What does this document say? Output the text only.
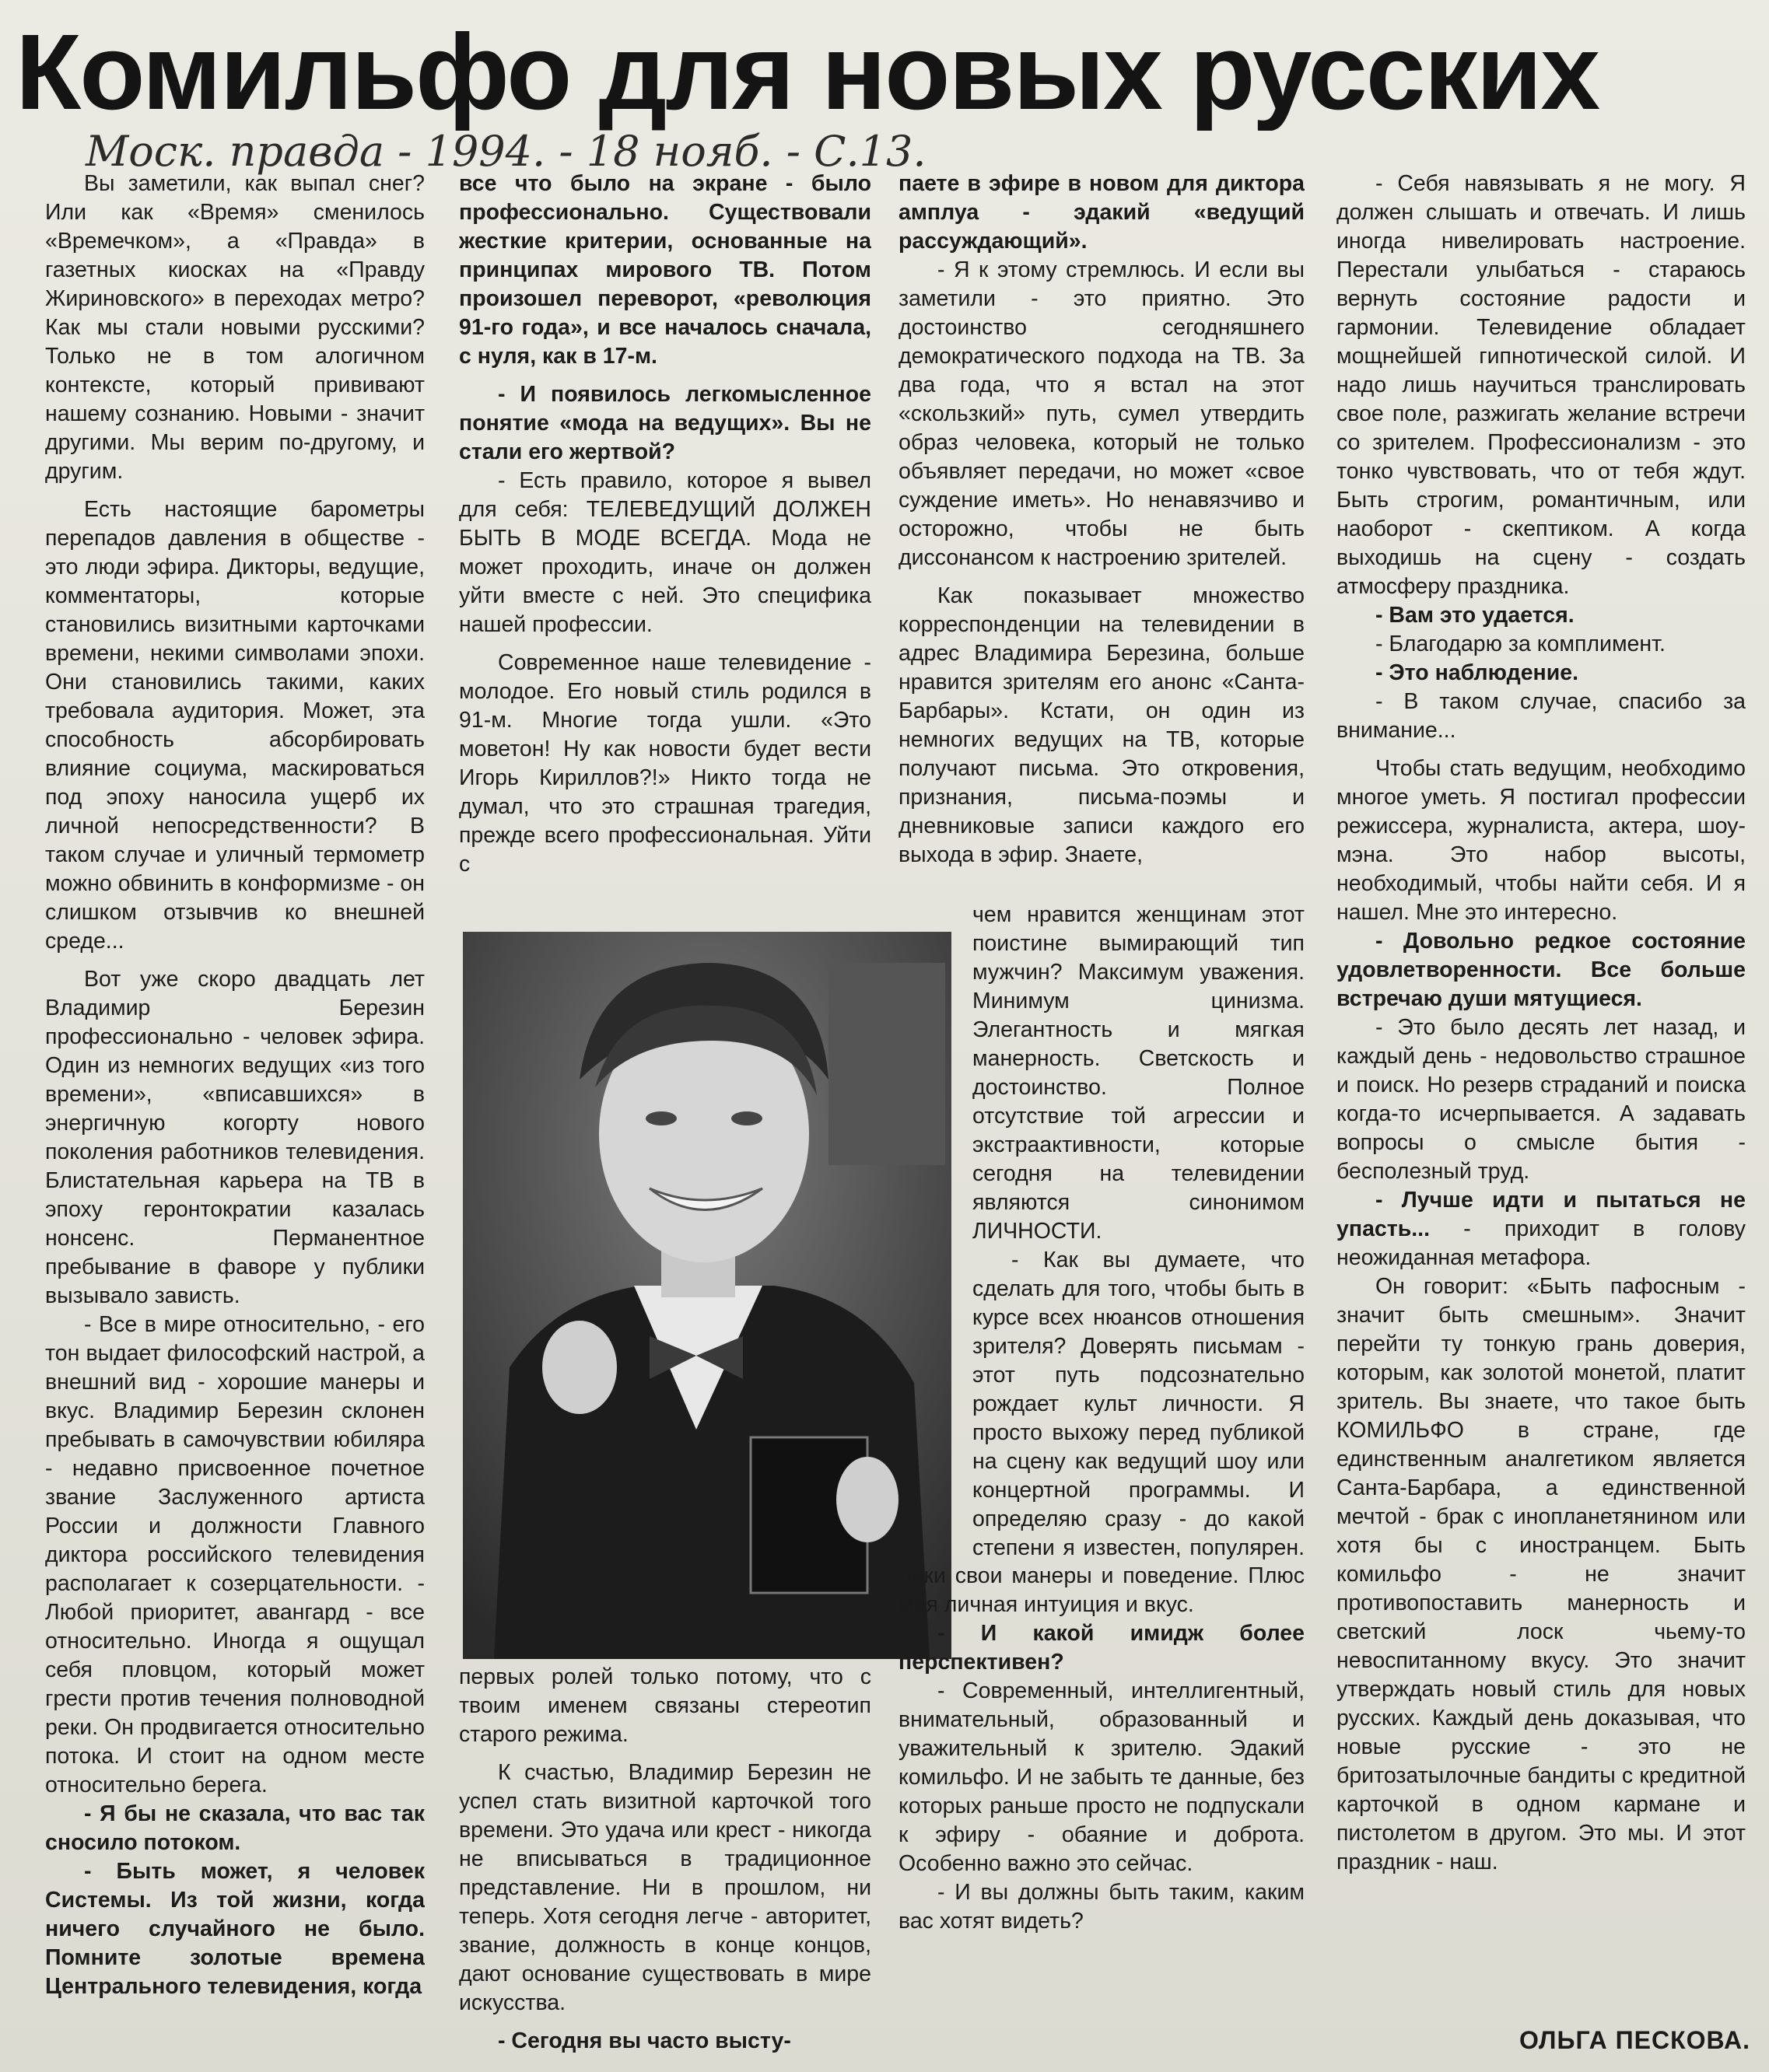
Комильфо для новых русских
Моск. правда - 1994. - 18 нояб. - С.13.

Вы заметили, как выпал снег? Или как «Время» сменилось «Времечком», а «Правда» в газетных киосках на «Правду Жириновского» в переходах метро? Как мы стали новыми русскими? Только не в том алогичном контексте, который прививают нашему сознанию. Новыми - значит другими. Мы верим по-другому, и другим.

Есть настоящие барометры перепадов давления в обществе - это люди эфира. Дикторы, ведущие, комментаторы, которые становились визитными карточками времени, некими символами эпохи. Они становились такими, каких требовала аудитория. Может, эта способность абсорбировать влияние социума, маскироваться под эпоху наносила ущерб их личной непосредственности? В таком случае и уличный термометр можно обвинить в конформизме - он слишком отзывчив ко внешней среде...

Вот уже скоро двадцать лет Владимир Березин профессионально - человек эфира. Один из немногих ведущих «из того времени», «вписавшихся» в энергичную когорту нового поколения работников телевидения. Блистательная карьера на ТВ в эпоху геронтократии казалась нонсенс. Перманентное пребывание в фаворе у публики вызывало зависть.

- Все в мире относительно, - его тон выдает философский настрой, а внешний вид - хорошие манеры и вкус. Владимир Березин склонен пребывать в самочувствии юбиляра - недавно присвоенное почетное звание Заслуженного артиста России и должности Главного диктора российского телевидения располагает к созерцательности. - Любой приоритет, авангард - все относительно. Иногда я ощущал себя пловцом, который может грести против течения полноводной реки. Он продвигается относительно потока. И стоит на одном месте относительно берега.

- Я бы не сказала, что вас так сносило потоком.

- Быть может, я человек Системы. Из той жизни, когда ничего случайного не было. Помните золотые времена Центрального телевидения, когда

все что было на экране - было профессионально. Существовали жесткие критерии, основанные на принципах мирового ТВ. Потом произошел переворот, «революция 91-го года», и все началось сначала, с нуля, как в 17-м.

- И появилось легкомысленное понятие «мода на ведущих». Вы не стали его жертвой?

- Есть правило, которое я вывел для себя: ТЕЛЕВЕДУЩИЙ ДОЛЖЕН БЫТЬ В МОДЕ ВСЕГДА. Мода не может проходить, иначе он должен уйти вместе с ней. Это специфика нашей профессии.

Современное наше телевидение - молодое. Его новый стиль родился в 91-м. Многие тогда ушли. «Это моветон! Ну как новости будет вести Игорь Кириллов?!» Никто тогда не думал, что это страшная трагедия, прежде всего профессиональная. Уйти с

первых ролей только потому, что с твоим именем связаны стереотип старого режима.

К счастью, Владимир Березин не успел стать визитной карточкой того времени. Это удача или крест - никогда не вписываться в традиционное представление. Ни в прошлом, ни теперь. Хотя сегодня легче - авторитет, звание, должность в конце концов, дают основание существовать в мире искусства.

- Сегодня вы часто высту-

паете в эфире в новом для диктора амплуа - эдакий «ведущий рассуждающий».

- Я к этому стремлюсь. И если вы заметили - это приятно. Это достоинство сегодняшнего демократического подхода на ТВ. За два года, что я встал на этот «скользкий» путь, сумел утвердить образ человека, который не только объявляет передачи, но может «свое суждение иметь». Но ненавязчиво и осторожно, чтобы не быть диссонансом к настроению зрителей.

Как показывает множество корреспонденции на телевидении в адрес Владимира Березина, больше нравится зрителям его анонс «Санта-Барбары». Кстати, он один из немногих ведущих на ТВ, которые получают письма. Это откровения, признания, письма-поэмы и дневниковые записи каждого его выхода в эфир. Знаете,

чем нравится женщинам этот поистине вымирающий тип мужчин? Максимум уважения. Минимум цинизма. Элегантность и мягкая манерность. Светскость и достоинство. Полное отсутствие той агрессии и экстраактивности, которые сегодня на телевидении являются синонимом ЛИЧНОСТИ.

- Как вы думаете, что сделать для того, чтобы быть в курсе всех нюансов отношения зрителя? Доверять письмам - этот путь подсознательно рождает культ личности. Я просто выхожу перед публикой на сцену как ведущий шоу или концертной программы. И определяю сразу - до какой степени я известен, популярен.

лики свои манеры и поведение. Плюс моя личная интуиция и вкус.

- И какой имидж более перспективен?

- Современный, интеллигентный, внимательный, образованный и уважительный к зрителю. Эдакий комильфо. И не забыть те данные, без которых раньше просто не подпускали к эфиру - обаяние и доброта. Особенно важно это сейчас.

- И вы должны быть таким, каким вас хотят видеть?

- Себя навязывать я не могу. Я должен слышать и отвечать. И лишь иногда нивелировать настроение. Перестали улыбаться - стараюсь вернуть состояние радости и гармонии. Телевидение обладает мощнейшей гипнотической силой. И надо лишь научиться транслировать свое поле, разжигать желание встречи со зрителем. Профессионализм - это тонко чувствовать, что от тебя ждут. Быть строгим, романтичным, или наоборот - скептиком. А когда выходишь на сцену - создать атмосферу праздника.

- Вам это удается.

- Благодарю за комплимент.

- Это наблюдение.

- В таком случае, спасибо за внимание...

Чтобы стать ведущим, необходимо многое уметь. Я постигал профессии режиссера, журналиста, актера, шоу-мэна. Это набор высоты, необходимый, чтобы найти себя. И я нашел. Мне это интересно.

- Довольно редкое состояние удовлетворенности. Все больше встречаю души мятущиеся.

- Это было десять лет назад, и каждый день - недовольство страшное и поиск. Но резерв страданий и поиска когда-то исчерпывается. А задавать вопросы о смысле бытия - бесполезный труд.

- Лучше идти и пытаться не упасть... - приходит в голову неожиданная метафора.

Он говорит: «Быть пафосным - значит быть смешным». Значит перейти ту тонкую грань доверия, которым, как золотой монетой, платит зритель. Вы знаете, что такое быть КОМИЛЬФО в стране, где единственным аналгетиком является Санта-Барбара, а единственной мечтой - брак с инопланетянином или хотя бы с иностранцем. Быть комильфо - не значит противопоставить манерность и светский лоск чьему-то невоспитанному вкусу. Это значит утверждать новый стиль для новых русских. Каждый день доказывая, что новые русские - это не бритозатылочные бандиты с кредитной карточкой в одном кармане и пистолетом в другом. Это мы. И этот праздник - наш.

ОЛЬГА ПЕСКОВА.
